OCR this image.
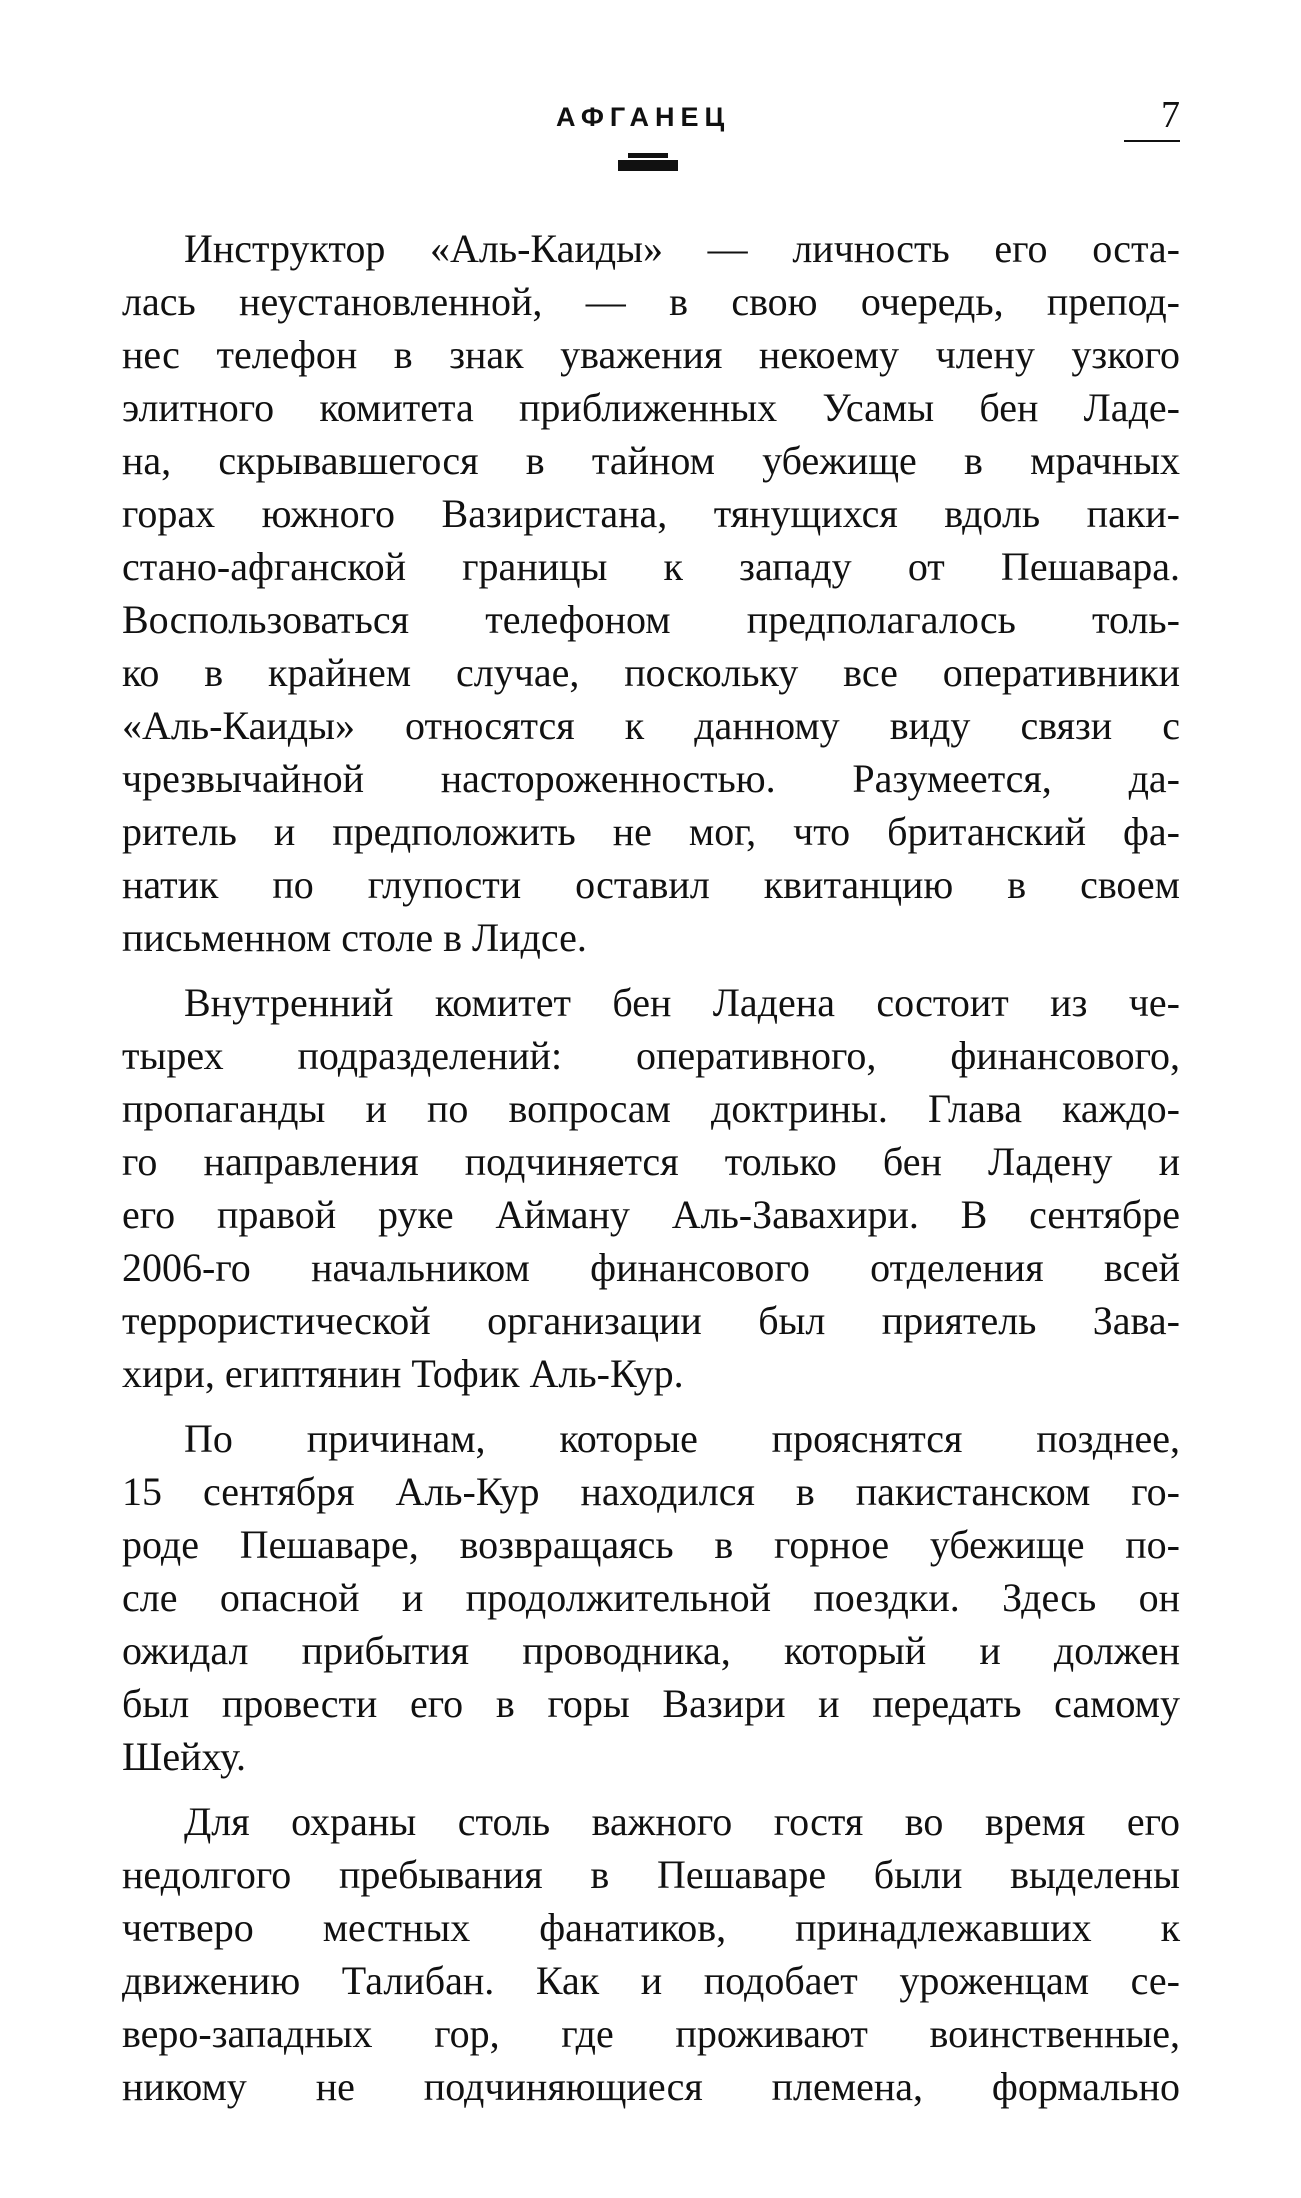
АФГАНЕЦ	7
Инструктор «Аль-Каиды» — личность его оста-
лась неустановленной, — в свою очередь, препод-
нес телефон в знак уважения некоему члену узкого
элитного комитета приближенных Усамы бен Ладе-
на, скрывавшегося в тайном убежище в мрачных
горах южного Вазиристана, тянущихся вдоль паки-
стано-афганской границы к западу от Пешавара.
Воспользоваться телефоном предполагалось толь-
ко в крайнем случае, поскольку все оперативники
«Аль-Каиды» относятся к данному виду связи с
чрезвычайной настороженностью. Разумеется, да-
ритель и предположить не мог, что британский фа-
натик по глупости оставил квитанцию в своем
письменном столе в Лидсе.
Внутренний комитет бен Ладена состоит из че-
тырех подразделений: оперативного, финансового,
пропаганды и по вопросам доктрины. Глава каждо-
го направления подчиняется только бен Ладену и
его правой руке Айману Аль-Завахири. В сентябре
2006-го начальником финансового отделения всей
террористической организации был приятель Зава-
хири, египтянин Тофик Аль-Кур.
По причинам, которые прояснятся позднее,
15 сентября Аль-Кур находился в пакистанском го-
роде Пешаваре, возвращаясь в горное убежище по-
сле опасной и продолжительной поездки. Здесь он
ожидал прибытия проводника, который и должен
был провести его в горы Вазири и передать самому
Шейху.
Для охраны столь важного гостя во время его
недолгого пребывания в Пешаваре были выделены
четверо местных фанатиков, принадлежавших к
движению Талибан. Как и подобает уроженцам се-
веро-западных гор, где проживают воинственные,
никому не подчиняющиеся племена, формально
